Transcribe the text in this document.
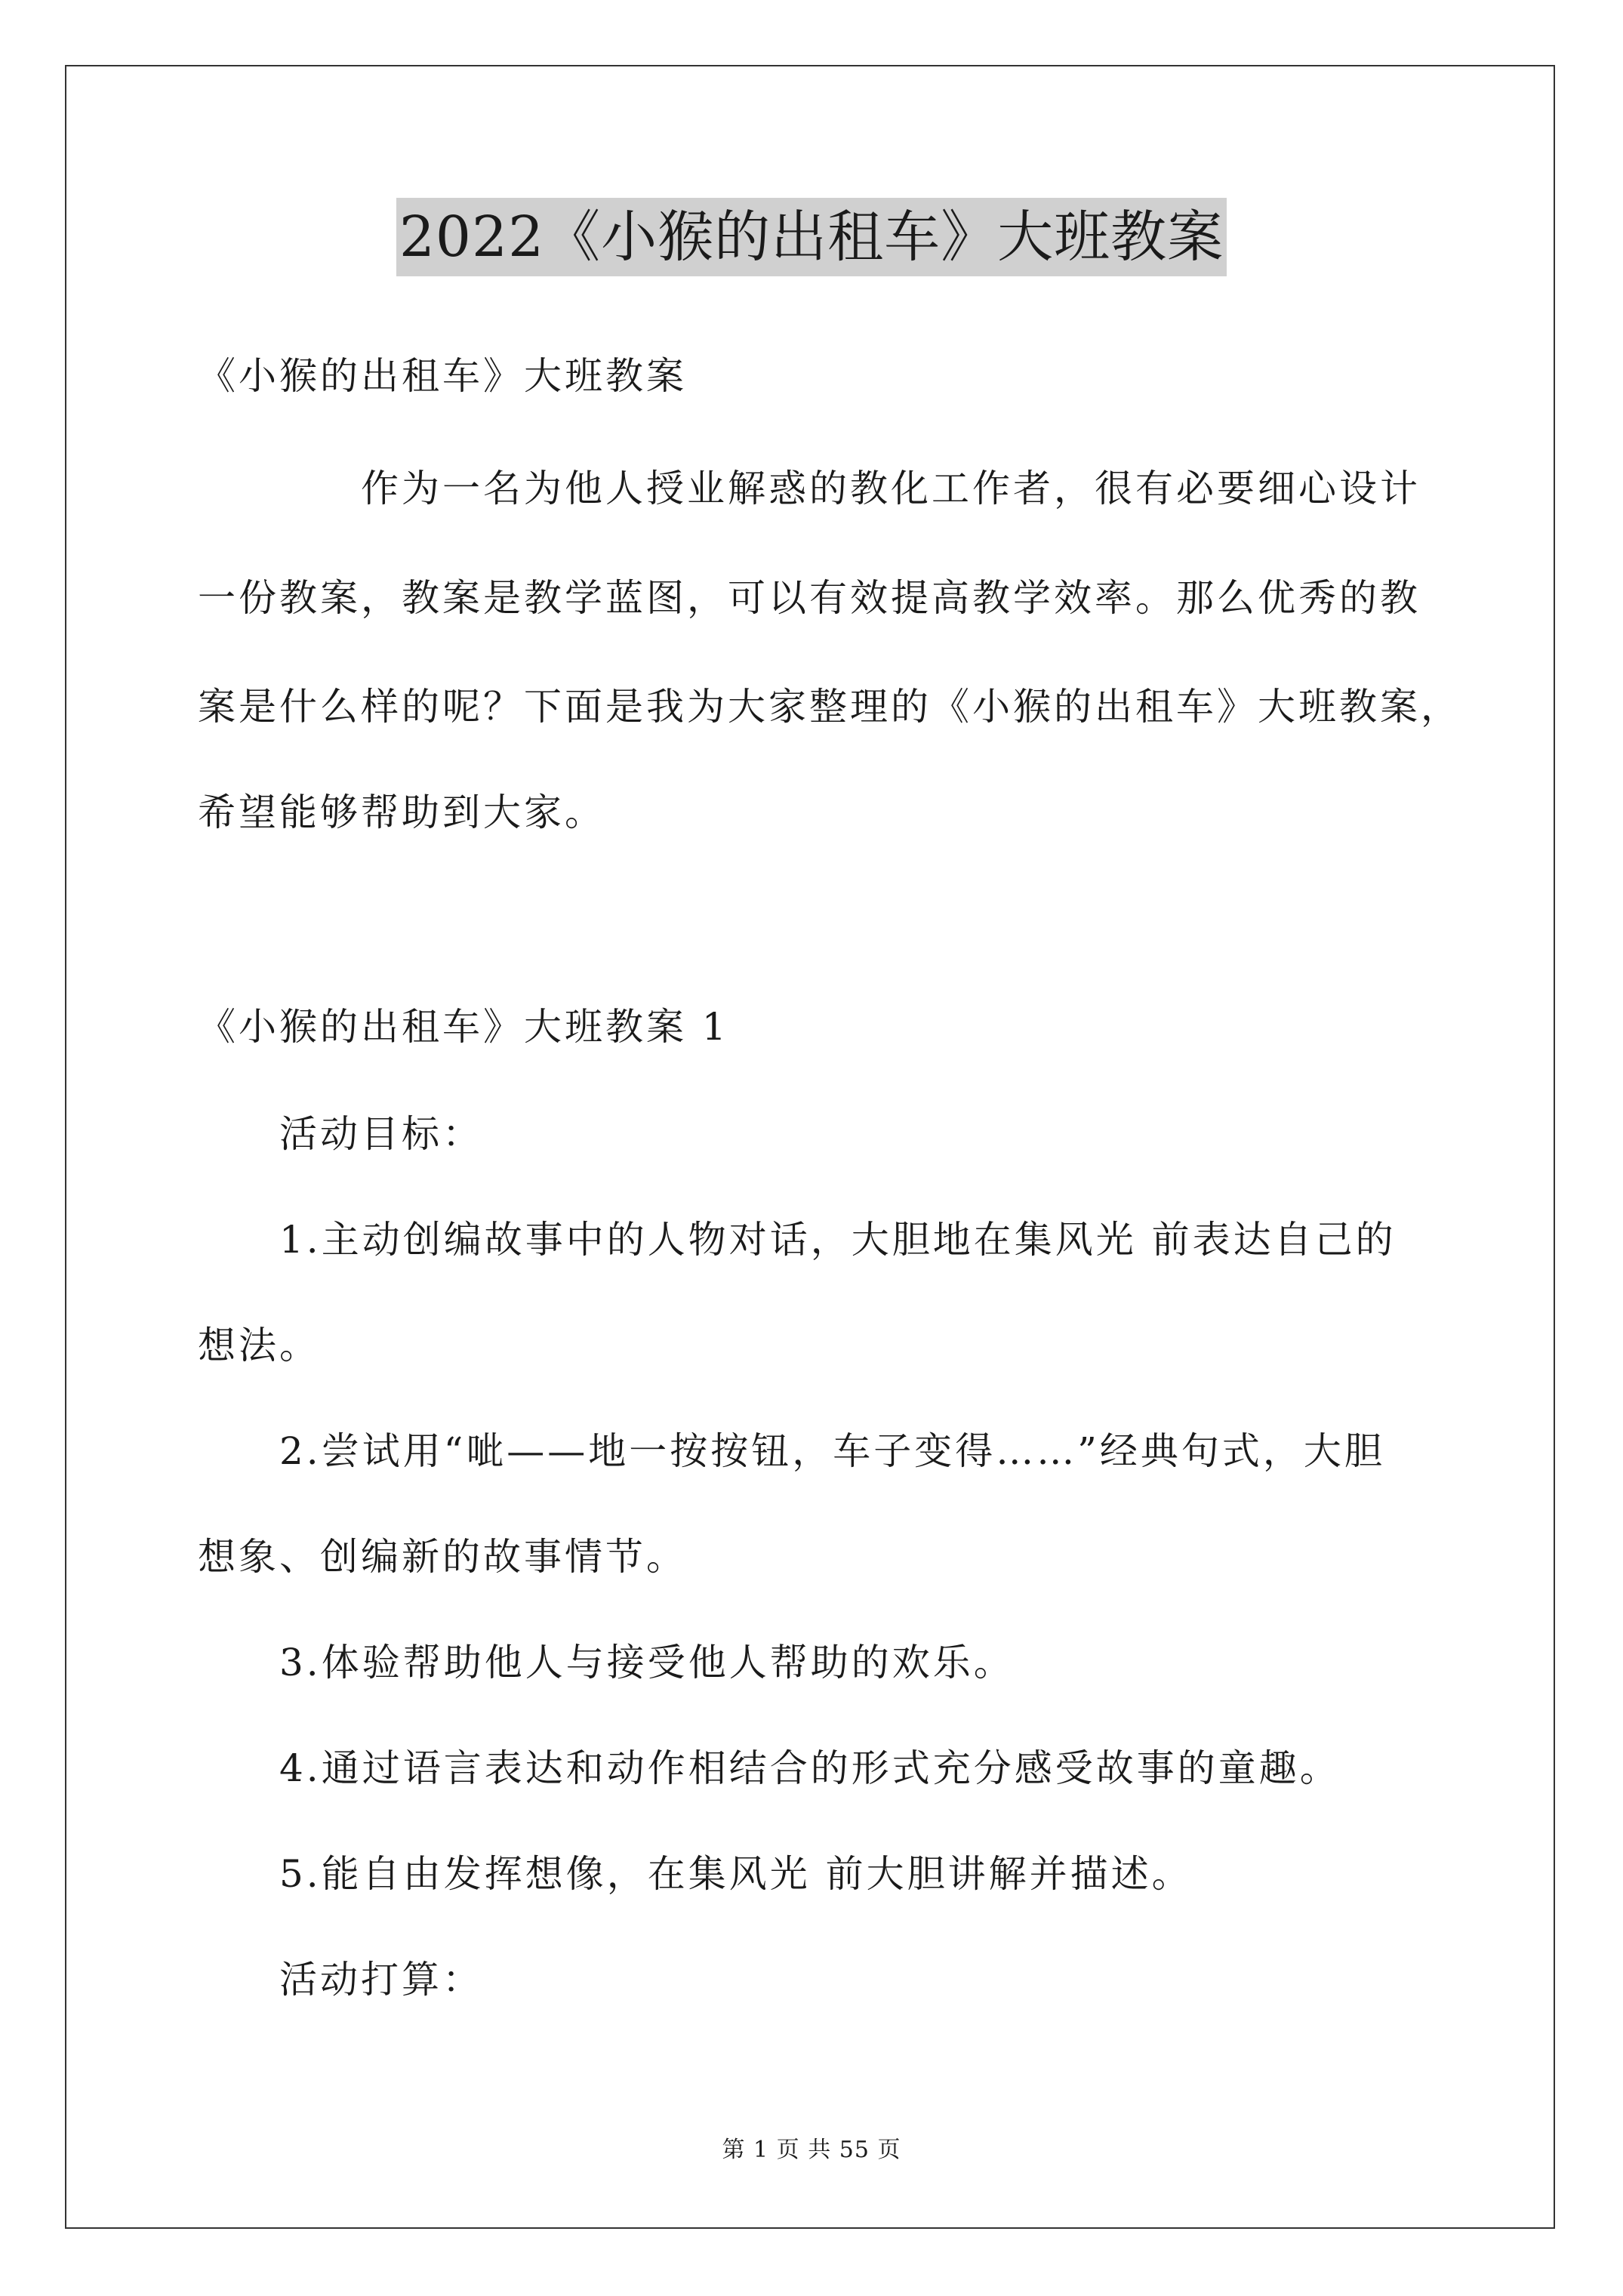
2022《小猴的出租车》大班教案
《小猴的出租车》大班教案
作为一名为他人授业解惑的教化工作者，很有必要细心设计
一份教案，教案是教学蓝图，可以有效提高教学效率。那么优秀的教
案是什么样的呢？下面是我为大家整理的《小猴的出租车》大班教案，
希望能够帮助到大家。
《小猴的出租车》大班教案 1
活动目标：
1.主动创编故事中的人物对话，大胆地在集风光 前表达自己的
想法。
2.尝试用“呲——地一按按钮，车子变得……”经典句式，大胆
想象、创编新的故事情节。
3.体验帮助他人与接受他人帮助的欢乐。
4.通过语言表达和动作相结合的形式充分感受故事的童趣。
5.能自由发挥想像，在集风光 前大胆讲解并描述。
活动打算：
第 1 页 共 55 页
